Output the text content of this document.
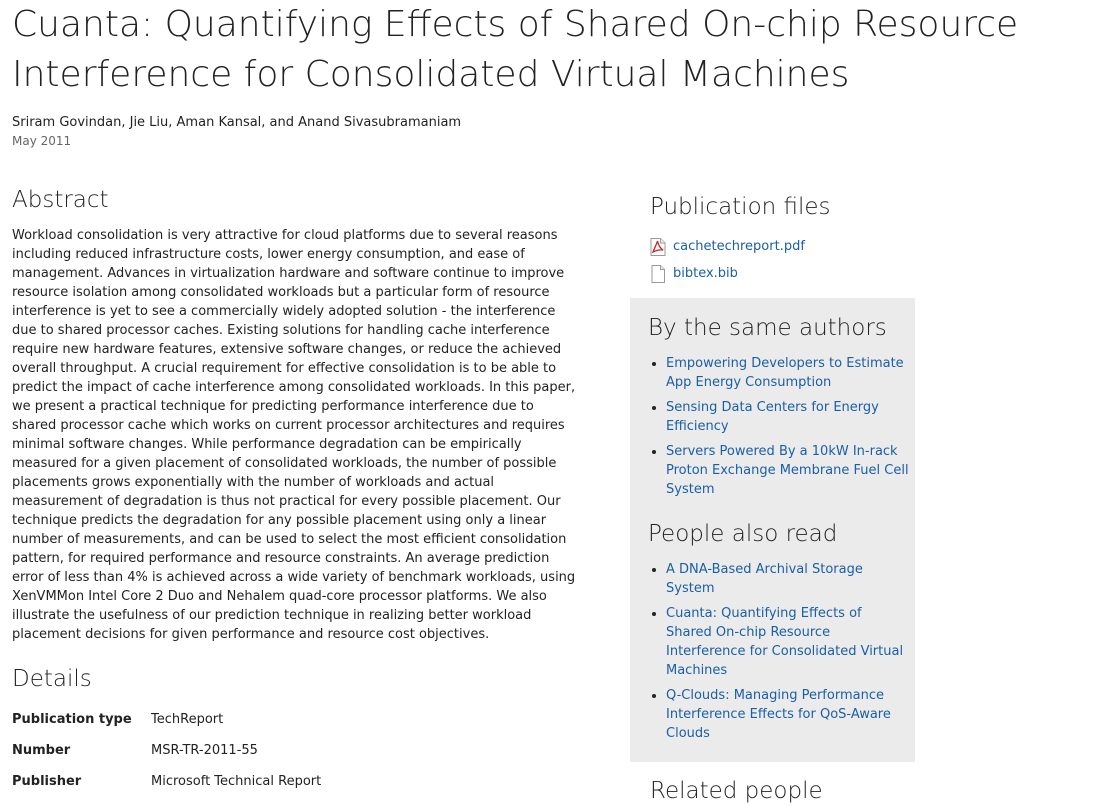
Cuanta: Quantifying Effects of Shared On-chip Resource
Interference for Consolidated Virtual Machines
Sriram Govindan, Jie Liu, Aman Kansal, and Anand Sivasubramaniam
May 2011
Abstract

Workload consolidation is very attractive for cloud platforms due to several reasons including reduced infrastructure costs, lower energy consumption, and ease of management. Advances in virtualization hardware and software continue to improve resource isolation among consolidated workloads but a particular form of resource interference is yet to see a commercially widely adopted solution - the interference due to shared processor caches. Existing solutions for handling cache interference require new hardware features, extensive software changes, or reduce the achieved overall throughput. A crucial requirement for effective consolidation is to be able to predict the impact of cache interference among consolidated workloads. In this paper, we present a practical technique for predicting performance interference due to shared processor cache which works on current processor architectures and requires minimal software changes. While performance degradation can be empirically measured for a given placement of consolidated workloads, the number of possible placements grows exponentially with the number of workloads and actual measurement of degradation is thus not practical for every possible placement. Our technique predicts the degradation for any possible placement using only a linear number of measurements, and can be used to select the most efficient consolidation pattern, for required performance and resource constraints. An average prediction error of less than 4% is achieved across a wide variety of benchmark workloads, using XenVMMon Intel Core 2 Duo and Nehalem quad-core processor platforms. We also illustrate the usefulness of our prediction technique in realizing better workload placement decisions for given performance and resource cost objectives.

Details
Publication type	TechReport
Number	MSR-TR-2011-55
Publisher	Microsoft Technical Report
Publication files
cachetechreport.pdf
bibtex.bib
By the same authors
• Empowering Developers to Estimate App Energy Consumption
• Sensing Data Centers for Energy Efficiency
• Servers Powered By a 10kW In-rack Proton Exchange Membrane Fuel Cell System
People also read
• A DNA-Based Archival Storage System
• Cuanta: Quantifying Effects of Shared On-chip Resource Interference for Consolidated Virtual Machines
• Q-Clouds: Managing Performance Interference Effects for QoS-Aware Clouds
Related people
